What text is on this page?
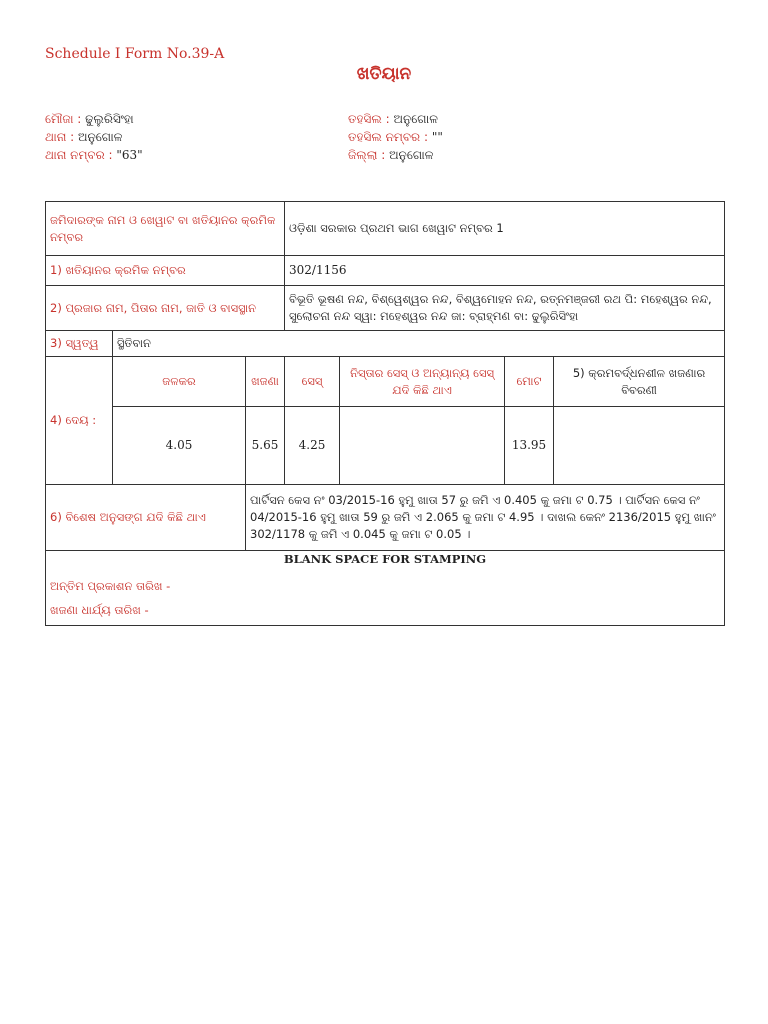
Schedule I Form No.39-A
ଖତିୟାନ
ମୌଜା : ଢୁଲୁରିସିଂହା
ଥାନା : ଅନୁଗୋଳ
ଥାନା ନମ୍ବର : "63"
ତହସିଲ : ଅନୁଗୋଳ
ତହସିଲ ନମ୍ବର : ""
ଜିଲ୍ଲା : ଅନୁଗୋଳ
ଜମିଦାରଙ୍କ ନାମ ଓ ଖେୱାଟ ବା ଖତିୟାନର କ୍ରମିକ ନମ୍ବର			ଓଡ଼ିଶା ସରକାର ପ୍ରଥମ ଭାଗ ଖେୱାଟ ନମ୍ବର 1			
1) ଖତିୟାନର କ୍ରମିକ ନମ୍ବର			302/1156			
2) ପ୍ରଜାର ନାମ, ପିତାର ନାମ, ଜାତି ଓ ବାସସ୍ଥାନ			ବିଭୂତି ଭୂଷଣ ନନ୍ଦ, ବିଶ୍ୱେଶ୍ୱର ନନ୍ଦ, ବିଶ୍ୱମୋହନ ନନ୍ଦ, ରତ୍ନମଞ୍ଜରୀ ରଥ ପି: ମହେଶ୍ୱର ନନ୍ଦ, ସୁଲୋଚନା ନନ୍ଦ ସ୍ୱା: ମହେଶ୍ୱର ନନ୍ଦ ଜା: ବ୍ରାହ୍ମଣ ବା: ଢୁଲୁରିସିଂହା			
3) ସ୍ୱତ୍ୱ	ସ୍ଥିତିବାନ					
4) ଦେୟ :	ଜଳକର	ଖଜଣା	ସେସ୍	ନିସ୍ତାର ସେସ୍ ଓ ଅନ୍ୟାନ୍ୟ ସେସ୍ ଯଦି କିଛି ଥାଏ	ମୋଟ	5) କ୍ରମବର୍ଦ୍ଧନଶୀଳ ଖଜଣାର ବିବରଣୀ
	4.05	5.65	4.25		13.95	
6) ବିଶେଷ ଅନୁସଙ୍ଗ ଯଦି କିଛି ଥାଏ		ପାର୍ଟିସନ କେସ ନଂ 03/2015-16 ହୁମୁ ଖାତା 57 ରୁ ଜମି ଏ 0.405 କୁ ଜମା ଟ 0.75 । ପାର୍ଟିସନ କେସ ନଂ 04/2015-16 ହୁମୁ ଖାତା 59 ରୁ ଜମି ଏ 2.065 କୁ ଜମା ଟ 4.95 । ଦାଖଲ କେନଂ 2136/2015 ହୁମୁ ଖାନଂ 302/1178 କୁ ଜମି ଏ 0.045 କୁ ଜମା ଟ 0.05 ।				

BLANK SPACE FOR STAMPING
ଅନ୍ତିମ ପ୍ରକାଶନ ତାରିଖ -
ଖଜଣା ଧାର୍ଯ୍ୟ ତାରିଖ -						
